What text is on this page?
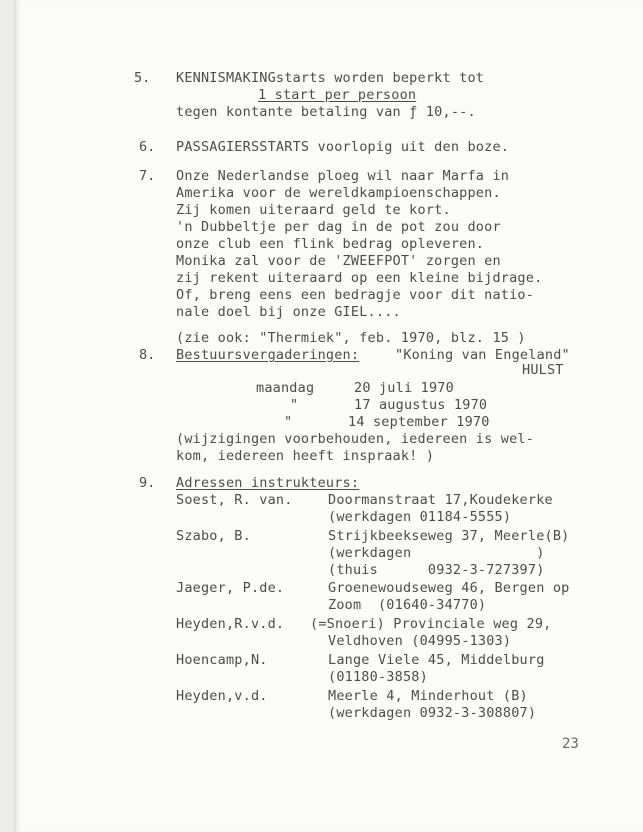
5. KENNISMAKINGstarts worden beperkt tot
1 start per persoon
tegen kontante betaling van ƒ 10,--.
6. PASSAGIERSSTARTS voorlopig uit den boze.
7. Onze Nederlandse ploeg wil naar Marfa in
Amerika voor de wereldkampioenschappen.
Zij komen uiteraard geld te kort.
'n Dubbeltje per dag in de pot zou door
onze club een flink bedrag opleveren.
Monika zal voor de 'ZWEEFPOT' zorgen en
zij rekent uiteraard op een kleine bijdrage.
Of, breng eens een bedragje voor dit natio-
nale doel bij onze GIEL....
(zie ook: "Thermiek", feb. 1970, blz. 15 )
8. Bestuursvergaderingen:	"Koning van Engeland"
HULST
maandag	20 juli 1970
"	17 augustus 1970
"	14 september 1970
(wijzigingen voorbehouden, iedereen is wel-
kom, iedereen heeft inspraak! )
9. Adressen instrukteurs:
Soest, R. van.	Doormanstraat 17,Koudekerke
(werkdagen 01184-5555)
Szabo, B.	Strijkbeekseweg 37, Meerle(B)
(werkdagen               )
(thuis      0932-3-727397)
Jaeger, P.de.	Groenewoudseweg 46, Bergen op
Zoom  (01640-34770)
Heyden,R.v.d. (=Snoeri) Provinciale weg 29,
Veldhoven (04995-1303)
Hoencamp,N.	Lange Viele 45, Middelburg
(01180-3858)
Heyden,v.d.	Meerle 4, Minderhout (B)
(werkdagen 0932-3-308807)
23
